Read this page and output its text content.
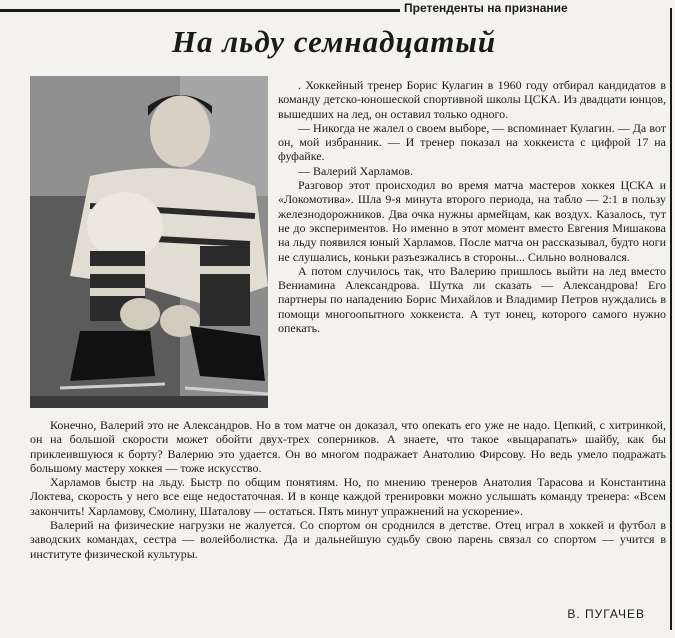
Претенденты на признание
На льду семнадцатый

. Хоккейный тренер Борис Кулагин в 1960 году отбирал кандидатов в команду детско-юношеской спортивной школы ЦСКА. Из двадцати юнцов, вышедших на лед, он оставил только одного.

— Никогда не жалел о своем выборе, — вспоминает Кулагин. — Да вот он, мой избранник. — И тренер показал на хоккеиста с цифрой 17 на фуфайке.

— Валерий Харламов.

Разговор этот происходил во время матча мастеров хоккея ЦСКА и «Локомотива». Шла 9-я минута второго периода, на табло — 2:1 в пользу железнодорожников. Два очка нужны армейцам, как воздух. Казалось, тут не до экспериментов. Но именно в этот момент вместо Евгения Мишакова на льду появился юный Харламов. После матча он рассказывал, будто ноги не слушались, коньки разъезжались в стороны... Сильно волновался.

А потом случилось так, что Валерию пришлось выйти на лед вместо Вениамина Александрова. Шутка ли сказать — Александрова! Его партнеры по нападению Борис Михайлов и Владимир Петров нуждались в помощи многоопытного хоккеиста. А тут юнец, которого самого нужно опекать.

Конечно, Валерий это не Александров. Но в том матче он доказал, что опекать его уже не надо. Цепкий, с хитринкой, он на большой скорости может обойти двух-трех соперников. А знаете, что такое «выцарапать» шайбу, как бы приклеившуюся к борту? Валерию это удается. Он во многом подражает Анатолию Фирсову. Но ведь умело подражать большому мастеру хоккея — тоже искусство.

Харламов быстр на льду. Быстр по общим понятиям. Но, по мнению тренеров Анатолия Тарасова и Константина Локтева, скорость у него все еще недостаточная. И в конце каждой тренировки можно услышать команду тренера: «Всем закончить! Харламову, Смолину, Шаталову — остаться. Пять минут упражнений на ускорение».

Валерий на физические нагрузки не жалуется. Со спортом он сроднился в детстве. Отец играл в хоккей и футбол в заводских командах, сестра — волейболистка. Да и дальнейшую судьбу свою парень связал со спортом — учится в институте физической культуры.

В. ПУГАЧЕВ
